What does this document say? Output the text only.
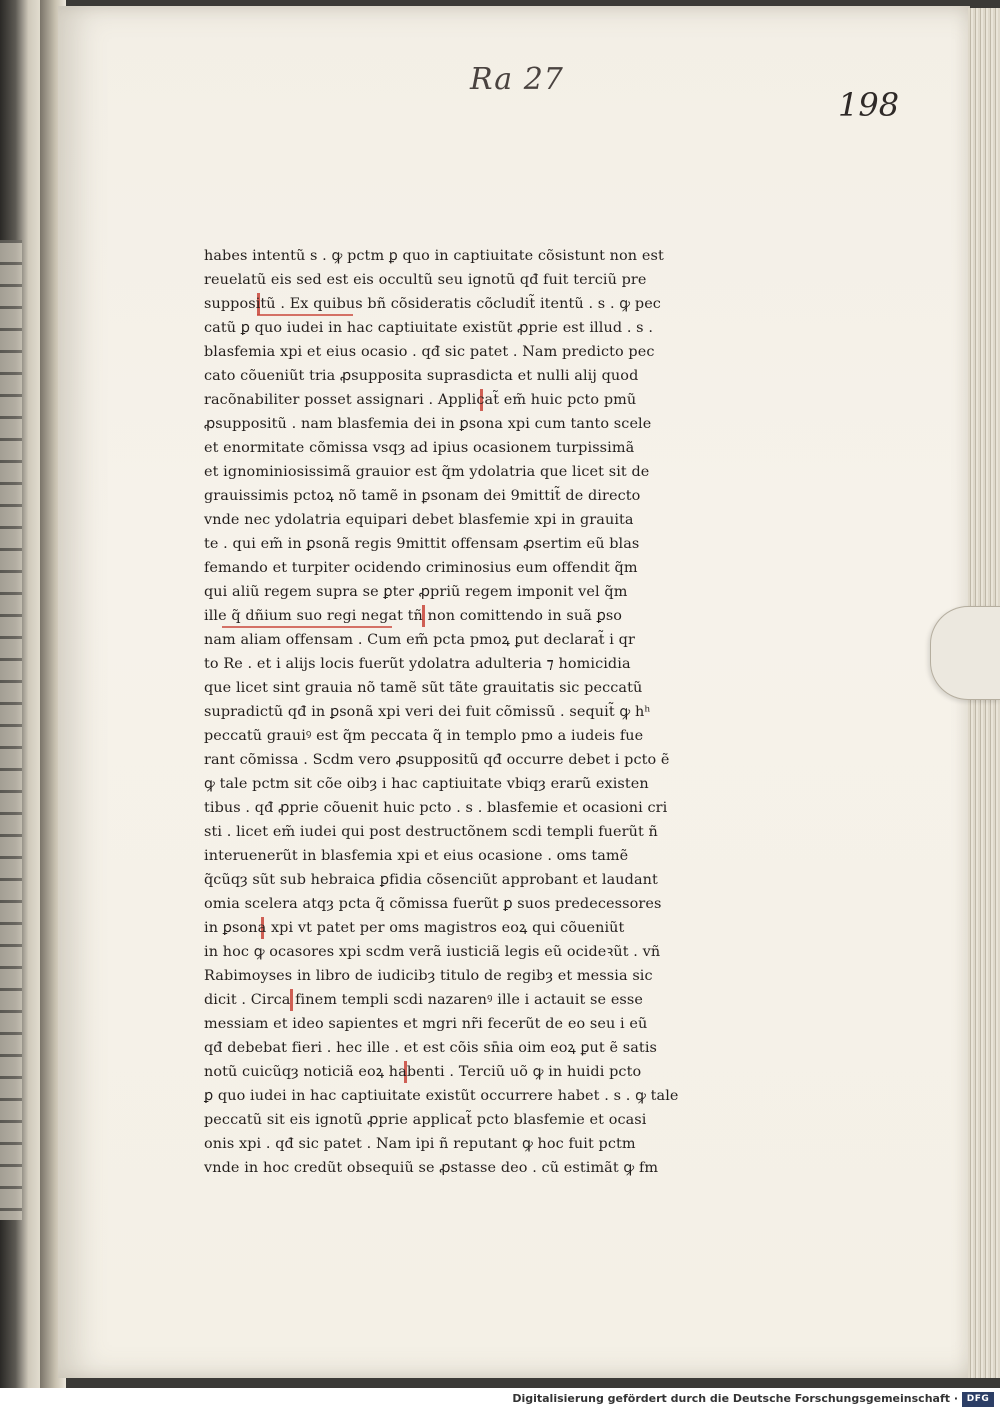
Ra 27
198
habes intentũ s . ꝙ pctm ꝑ quo in captiuitate cõsistunt non est
reuelatũ eis sed est eis occultũ seu ignotũ qđ fuit terciũ pre
suppositũ . Ex quibus bñ cõsideratis cõcludit̃ itentũ . s . ꝙ pec
catũ ꝑ quo iudei in hac captiuitate existũt ꝓprie est illud . s .
blasfemia xpi et eius ocasio . qđ sic patet . Nam predicto pec
cato cõueniũt tria ꝓsupposita suprasdicta et nulli alij quod
racõnabiliter posset assignari . Applicat̃ em̃ huic pcto pmũ
ꝓsuppositũ . nam blasfemia dei in ꝑsona xpi cum tanto scele
et enormitate cõmissa vsqȝ ad ipius ocasionem turpissimã
et ignominiosissimã grauior est q̃m ydolatria que licet sit de
grauissimis pctoꝝ nõ tamẽ in ꝑsonam dei 9mittit̃ de directo
vnde nec ydolatria equipari debet blasfemie xpi in grauita
te . qui em̃ in ꝑsonã regis 9mittit offensam ꝓsertim eũ blas
femando et turpiter ocidendo criminosius eum offendit q̃m
qui aliũ regem supra se ꝑter ꝓpriũ regem imponit vel q̃m
ille q̃ dñium suo regi negat tñ non comittendo in suã ꝑso
nam aliam offensam . Cum em̃ pcta pmoꝝ ꝑut declarat̃ i qr
to Re . et i alijs locis fuerũt ydolatra adulteria ⁊ homicidia
que licet sint grauia nõ tamẽ sũt tãte grauitatis sic peccatũ
supradictũ qđ in ꝑsonã xpi veri dei fuit cõmissũ . sequit̃ ꝙ hʰ
peccatũ grauiꝰ est q̃m peccata q̃ in templo pmo a iudeis fue
rant cõmissa . Scdm vero ꝓsuppositũ qđ occurre debet i pcto ẽ
ꝙ tale pctm sit cõe oibȝ i hac captiuitate vbiqȝ erarũ existen
tibus . qđ ꝓprie cõuenit huic pcto . s . blasfemie et ocasioni cri
sti . licet em̃ iudei qui post destructõnem scdi templi fuerũt ñ
interuenerũt in blasfemia xpi et eius ocasione . oms tamẽ
q̃cũqȝ sũt sub hebraica ꝑfidia cõsenciũt approbant et laudant
omia scelera atqȝ pcta q̃ cõmissa fuerũt ꝑ suos predecessores
in ꝑsona xpi vt patet per oms magistros eoꝝ qui cõueniũt
in hoc ꝙ ocasores xpi scdm verã iusticiã legis eũ ocideꝛũt . vñ
Rabimoyses in libro de iudicibȝ titulo de regibȝ et messia sic
dicit . Circa finem templi scdi nazarenꝰ ille i actauit se esse
messiam et ideo sapientes et mgri nr̃i fecerũt de eo seu i eũ
qđ debebat fieri . hec ille . et est cõis sn̄ia oim eoꝝ ꝑut ẽ satis
notũ cuicũqȝ noticiã eoꝝ habenti . Terciũ uõ ꝙ in huidi pcto
ꝑ quo iudei in hac captiuitate existũt occurrere habet . s . ꝙ tale
peccatũ sit eis ignotũ ꝓprie applicat̃ pcto blasfemie et ocasi
onis xpi . qđ sic patet . Nam ipi ñ reputant ꝙ hoc fuit pctm
vnde in hoc credũt obsequiũ se ꝓstasse deo . cũ estimãt ꝙ fm
Digitalisierung gefördert durch die Deutsche Forschungsgemeinschaft · DFG
